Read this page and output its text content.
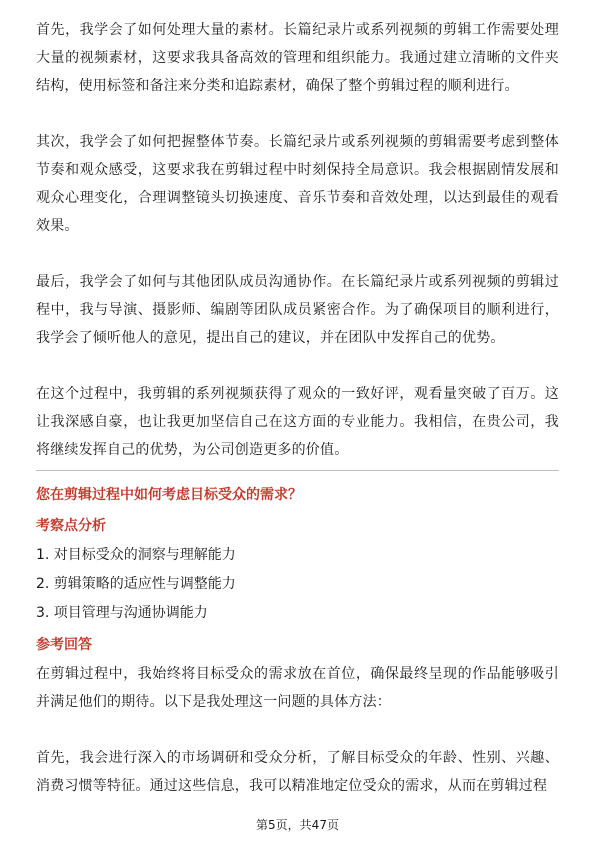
首先，我学会了如何处理大量的素材。长篇纪录片或系列视频的剪辑工作需要处理大量的视频素材，这要求我具备高效的管理和组织能力。我通过建立清晰的文件夹结构，使用标签和备注来分类和追踪素材，确保了整个剪辑过程的顺利进行。

其次，我学会了如何把握整体节奏。长篇纪录片或系列视频的剪辑需要考虑到整体节奏和观众感受，这要求我在剪辑过程中时刻保持全局意识。我会根据剧情发展和观众心理变化，合理调整镜头切换速度、音乐节奏和音效处理，以达到最佳的观看效果。

最后，我学会了如何与其他团队成员沟通协作。在长篇纪录片或系列视频的剪辑过程中，我与导演、摄影师、编剧等团队成员紧密合作。为了确保项目的顺利进行，我学会了倾听他人的意见，提出自己的建议，并在团队中发挥自己的优势。

在这个过程中，我剪辑的系列视频获得了观众的一致好评，观看量突破了百万。这让我深感自豪，也让我更加坚信自己在这方面的专业能力。我相信，在贵公司，我将继续发挥自己的优势，为公司创造更多的价值。

您在剪辑过程中如何考虑目标受众的需求？
考察点分析
1. 对目标受众的洞察与理解能力
2. 剪辑策略的适应性与调整能力
3. 项目管理与沟通协调能力
参考回答

在剪辑过程中，我始终将目标受众的需求放在首位，确保最终呈现的作品能够吸引并满足他们的期待。以下是我处理这一问题的具体方法：

首先，我会进行深入的市场调研和受众分析，了解目标受众的年龄、性别、兴趣、消费习惯等特征。通过这些信息，我可以精准地定位受众的需求，从而在剪辑过程

第5页，共47页
